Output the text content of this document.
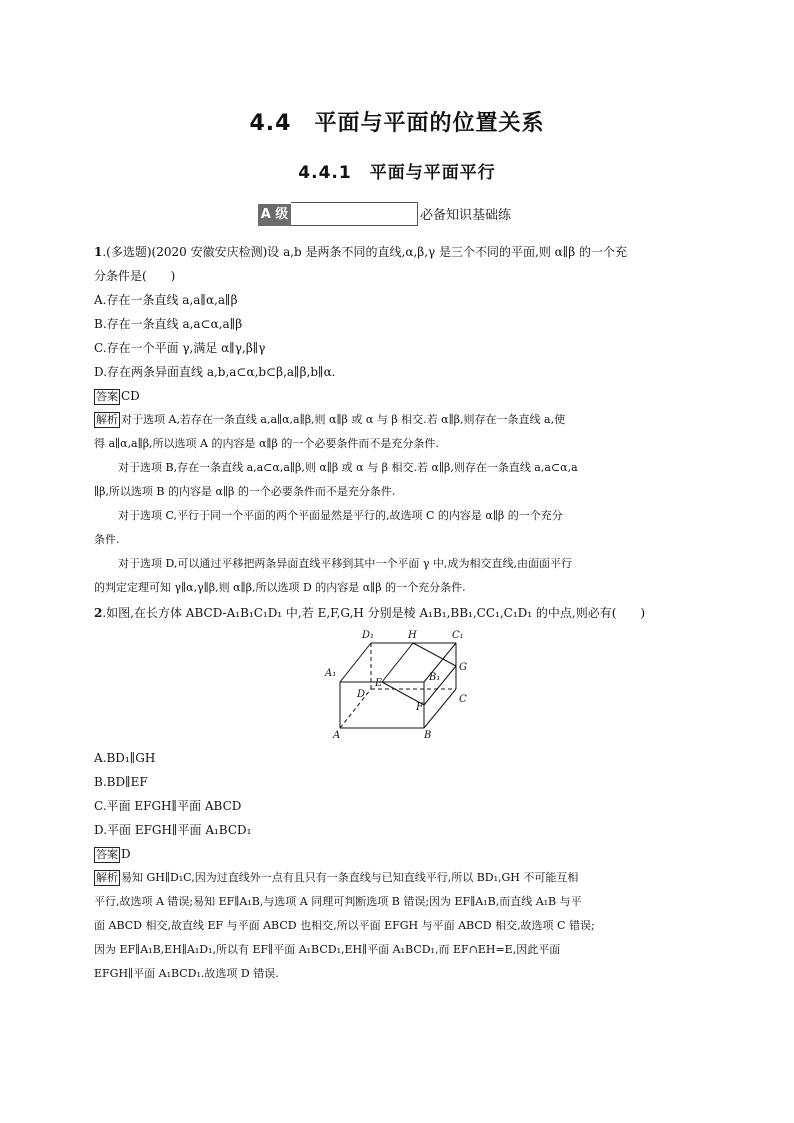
4.4　平面与平面的位置关系
4.4.1　平面与平面平行
A 级	必备知识基础练
1.(多选题)(2020 安徽安庆检测)设 a,b 是两条不同的直线,α,β,γ 是三个不同的平面,则 α∥β 的一个充
分条件是(　　)
A.存在一条直线 a,a∥α,a∥β
B.存在一条直线 a,a⊂α,a∥β
C.存在一个平面 γ,满足 α∥γ,β∥γ
D.存在两条异面直线 a,b,a⊂α,b⊂β,a∥β,b∥α.
答案 CD
解析 对于选项 A,若存在一条直线 a,a∥α,a∥β,则 α∥β 或 α 与 β 相交.若 α∥β,则存在一条直线 a,使
得 a∥α,a∥β,所以选项 A 的内容是 α∥β 的一个必要条件而不是充分条件.
对于选项 B,存在一条直线 a,a⊂α,a∥β,则 α∥β 或 α 与 β 相交.若 α∥β,则存在一条直线 a,a⊂α,a
∥β,所以选项 B 的内容是 α∥β 的一个必要条件而不是充分条件.
对于选项 C,平行于同一个平面的两个平面显然是平行的,故选项 C 的内容是 α∥β 的一个充分
条件.
对于选项 D,可以通过平移把两条异面直线平移到其中一个平面 γ 中,成为相交直线,由面面平行
的判定定理可知 γ∥α,γ∥β,则 α∥β,所以选项 D 的内容是 α∥β 的一个充分条件.
2.如图,在长方体 ABCD-A₁B₁C₁D₁ 中,若 E,F,G,H 分别是棱 A₁B₁,BB₁,CC₁,C₁D₁ 的中点,则必有(　　)
D₁	H	C₁
G
A₁
E
B₁
D
F
C
A	B
A.BD₁∥GH
B.BD∥EF
C.平面 EFGH∥平面 ABCD
D.平面 EFGH∥平面 A₁BCD₁
答案 D
解析 易知 GH∥D₁C,因为过直线外一点有且只有一条直线与已知直线平行,所以 BD₁,GH 不可能互相
平行,故选项 A 错误;易知 EF∥A₁B,与选项 A 同理可判断选项 B 错误;因为 EF∥A₁B,而直线 A₁B 与平
面 ABCD 相交,故直线 EF 与平面 ABCD 也相交,所以平面 EFGH 与平面 ABCD 相交,故选项 C 错误;
因为 EF∥A₁B,EH∥A₁D₁,所以有 EF∥平面 A₁BCD₁,EH∥平面 A₁BCD₁,而 EF∩EH=E,因此平面
EFGH∥平面 A₁BCD₁.故选项 D 错误.
